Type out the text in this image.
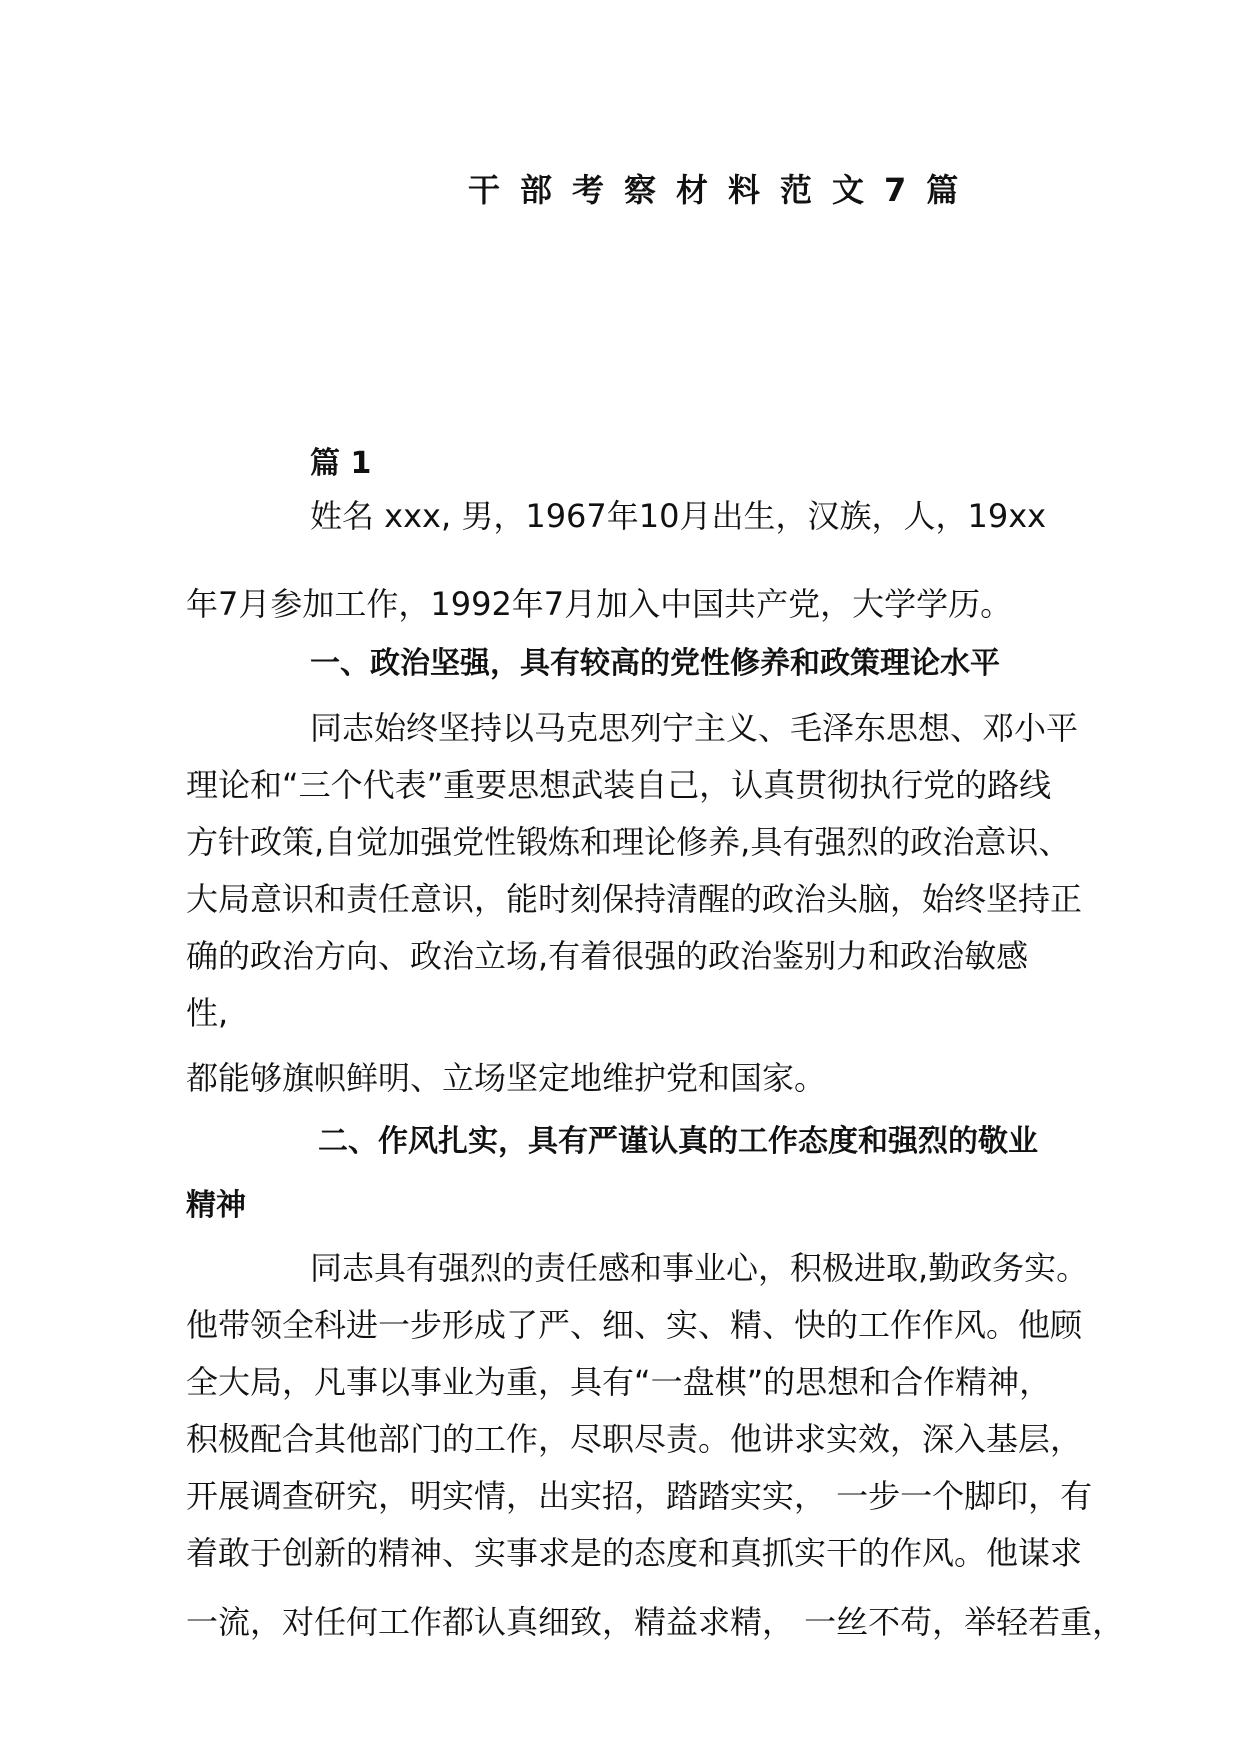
干部考察材料范文7篇
篇 1
姓名 xxx, 男，1967年10月出生，汉族，人，19xx
年7月参加工作，1992年7月加入中国共产党，大学学历。
一、政治坚强，具有较高的党性修养和政策理论水平
同志始终坚持以马克思列宁主义、毛泽东思想、邓小平
理论和“三个代表”重要思想武装自己，认真贯彻执行党的路线
方针政策,自觉加强党性锻炼和理论修养,具有强烈的政治意识、
大局意识和责任意识，能时刻保持清醒的政治头脑，始终坚持正
确的政治方向、政治立场,有着很强的政治鉴别力和政治敏感
性,
都能够旗帜鲜明、立场坚定地维护党和国家。
二、作风扎实，具有严谨认真的工作态度和强烈的敬业
精神
同志具有强烈的责任感和事业心，积极进取,勤政务实。
他带领全科进一步形成了严、细、实、精、快的工作作风。他顾
全大局，凡事以事业为重，具有“一盘棋”的思想和合作精神，
积极配合其他部门的工作，尽职尽责。他讲求实效，深入基层，
开展调查研究，明实情，出实招，踏踏实实， 一步一个脚印，有
着敢于创新的精神、实事求是的态度和真抓实干的作风。他谋求
一流，对任何工作都认真细致，精益求精， 一丝不苟，举轻若重，
